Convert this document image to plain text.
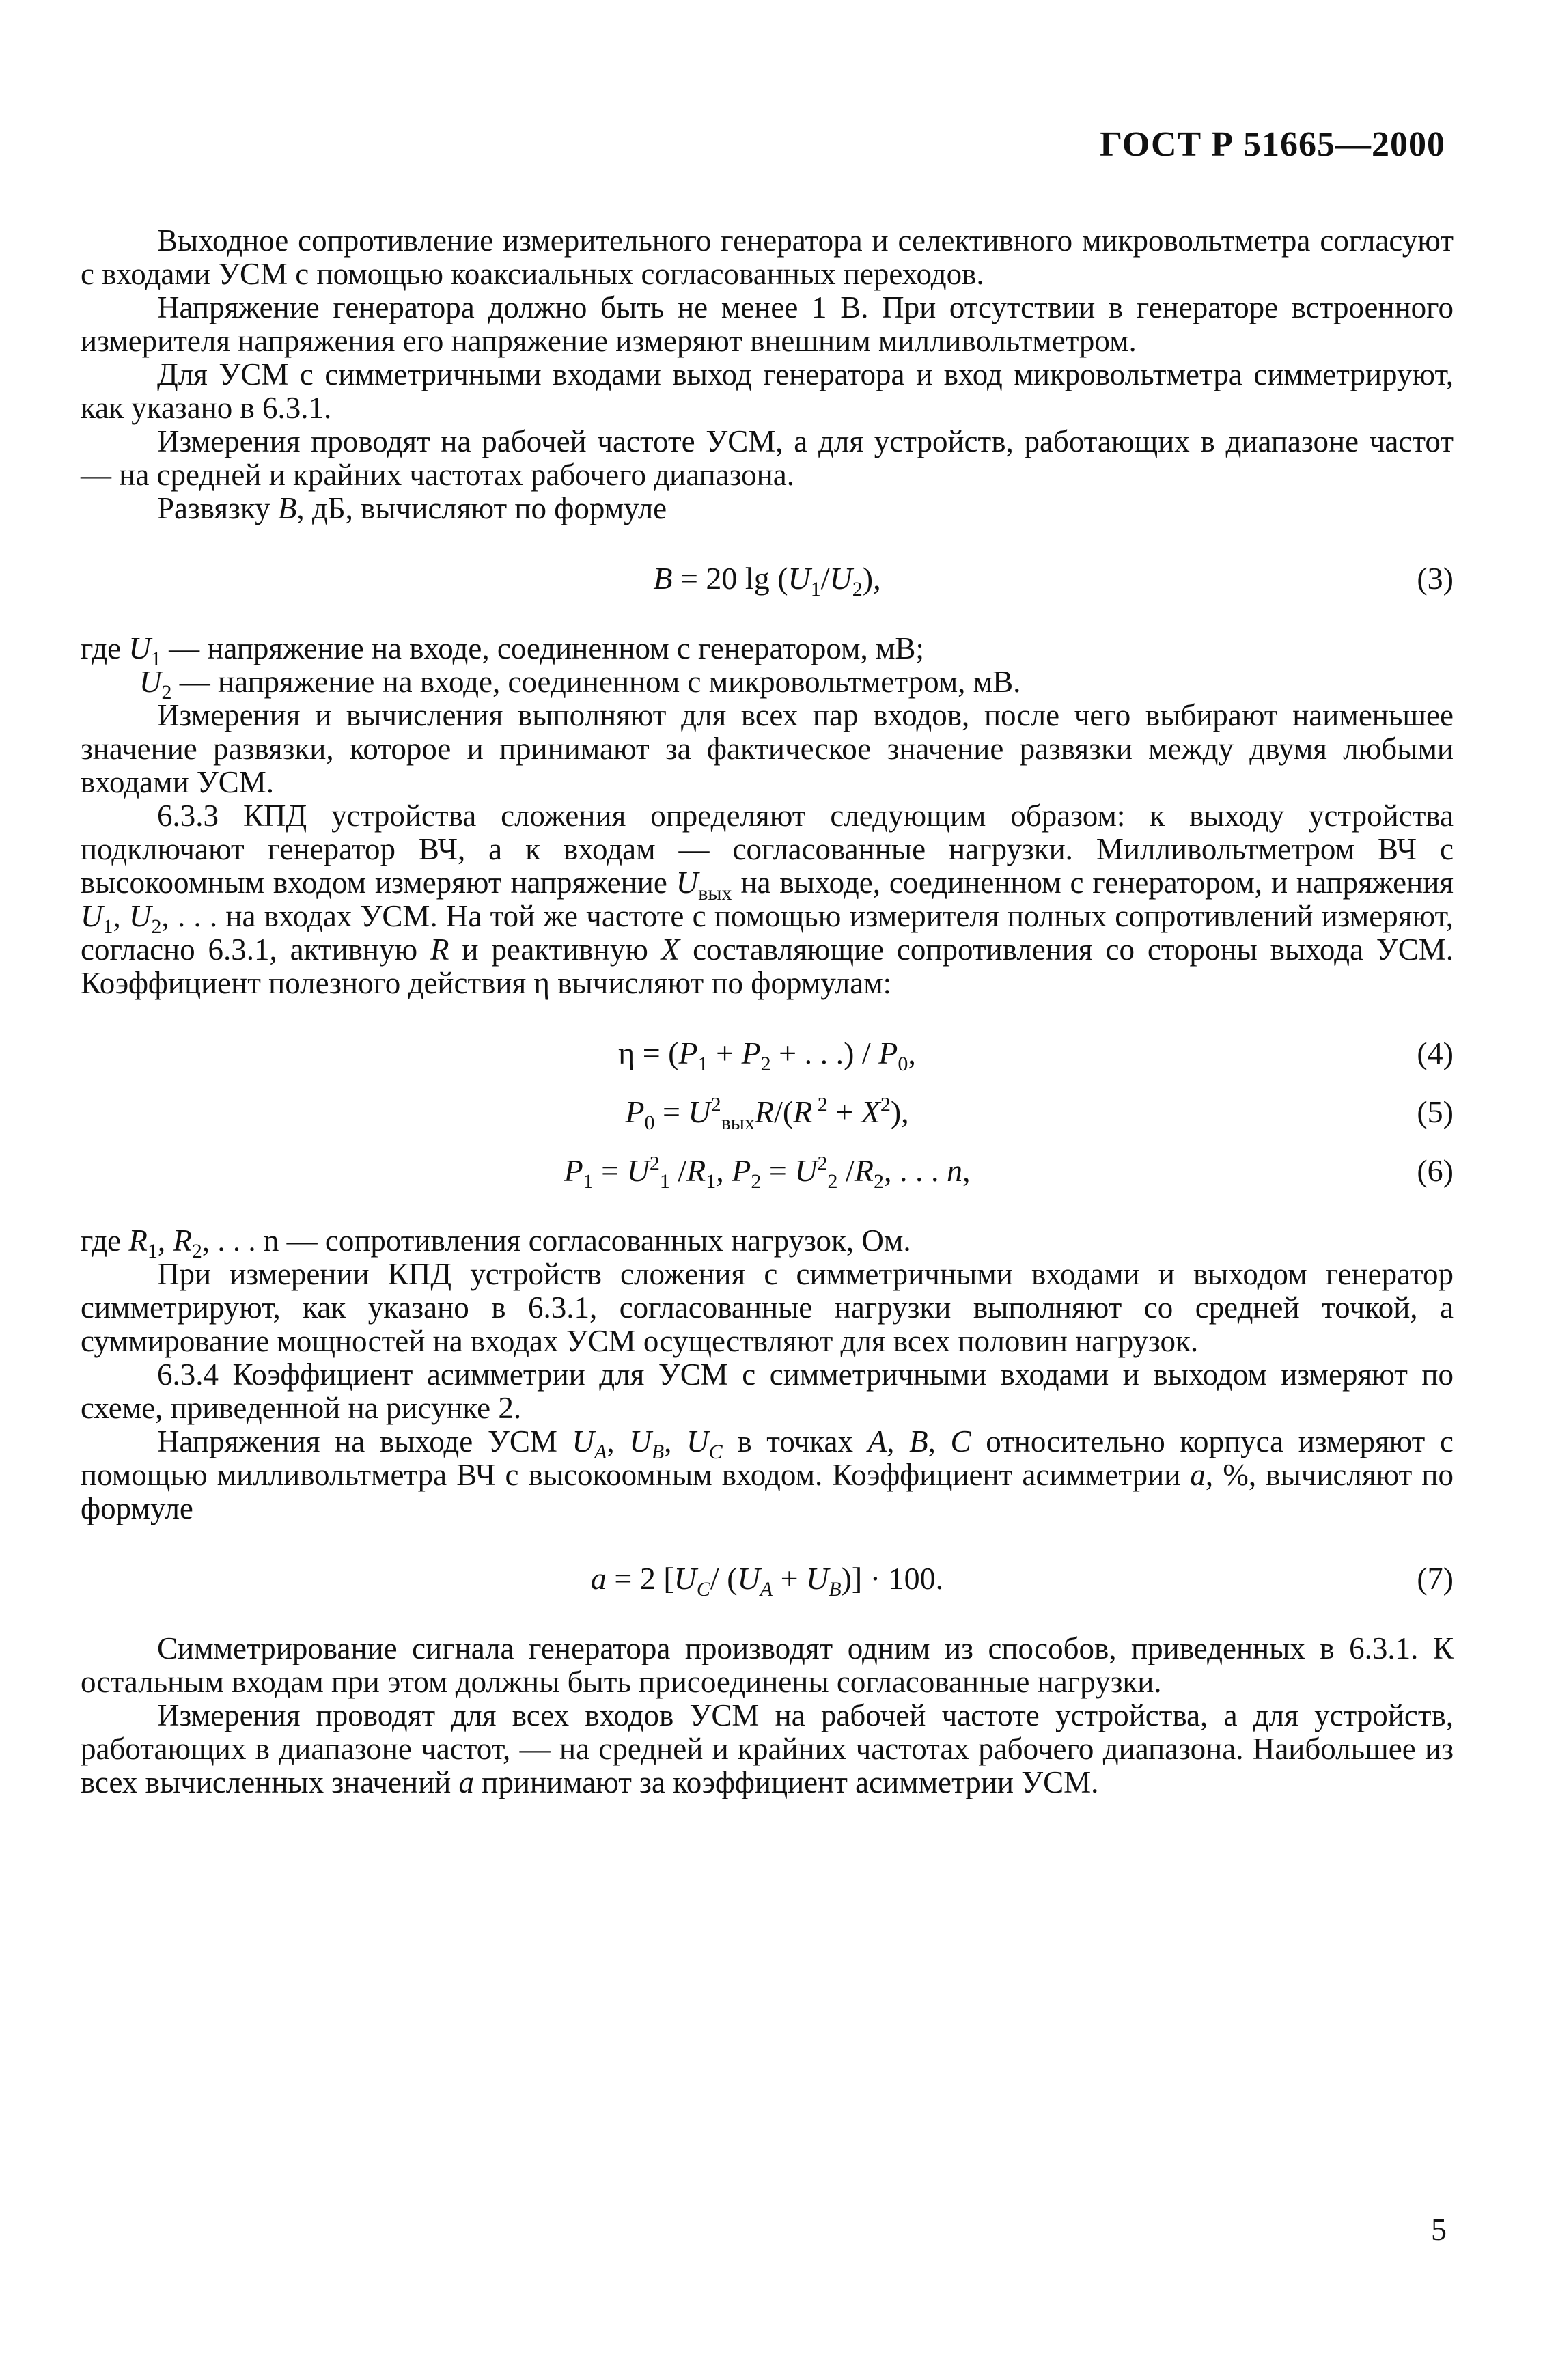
ГОСТ Р 51665—2000

Выходное сопротивление измерительного генератора и селективного микровольтметра согласуют с входами УСМ с помощью коаксиальных согласованных переходов.

Напряжение генератора должно быть не менее 1 В. При отсутствии в генераторе встроенного измерителя напряжения его напряжение измеряют внешним милливольтметром.

Для УСМ с симметричными входами выход генератора и вход микровольтметра симметрируют, как указано в 6.3.1.

Измерения проводят на рабочей частоте УСМ, а для устройств, работающих в диапазоне частот — на средней и крайних частотах рабочего диапазона.

Развязку B, дБ, вычисляют по формуле

B = 20 $\lg (U_1/U_2)$,	(3)

где $U_1$ — напряжение на входе, соединенном с генератором, мВ;

$U_2$ — напряжение на входе, соединенном с микровольтметром, мВ.

Измерения и вычисления выполняют для всех пар входов, после чего выбирают наименьшее значение развязки, которое и принимают за фактическое значение развязки между двумя любыми входами УСМ.

6.3.3 КПД устройства сложения определяют следующим образом: к выходу устройства подключают генератор ВЧ, а к входам — согласованные нагрузки. Милливольтметром ВЧ с высокоомным входом измеряют напряжение $U_{вых}$ на выходе, соединенном с генератором, и напряжения $U_1$, $U_2$, . . . на входах УСМ. На той же частоте с помощью измерителя полных сопротивлений измеряют, согласно 6.3.1, активную R и реактивную X составляющие сопротивления со стороны выхода УСМ. Коэффициент полезного действия η вычисляют по формулам:

$\eta = (P_1 + P_2$ + . . .) / $P_0$,	(4)
$P_0 = U^2_{вых}R/(R$ $^2 + X^2$),	(5)
$P_1 = U^2_1$ $/R_1$, $P_2 = U^2_2$ $/R_2$, . . . n,	(6)

где $R_1$, $R_2$, . . . n — сопротивления согласованных нагрузок, Ом.

При измерении КПД устройств сложения с симметричными входами и выходом генератор симметрируют, как указано в 6.3.1, согласованные нагрузки выполняют со средней точкой, а суммирование мощностей на входах УСМ осуществляют для всех половин нагрузок.

6.3.4 Коэффициент асимметрии для УСМ с симметричными входами и выходом измеряют по схеме, приведенной на рисунке 2.

Напряжения на выходе УСМ $U_A$, $U_B$, $U_C$ в точках A, B, C относительно корпуса измеряют с помощью милливольтметра ВЧ с высокоомным входом. Коэффициент асимметрии a, %, вычисляют по формуле

a = 2 [$U_C/$ $(U_A + U_B)] \cdot 100$.	(7)

Симметрирование сигнала генератора производят одним из способов, приведенных в 6.3.1. К остальным входам при этом должны быть присоединены согласованные нагрузки.

Измерения проводят для всех входов УСМ на рабочей частоте устройства, а для устройств, работающих в диапазоне частот, — на средней и крайних частотах рабочего диапазона. Наибольшее из всех вычисленных значений a принимают за коэффициент асимметрии УСМ.

5
